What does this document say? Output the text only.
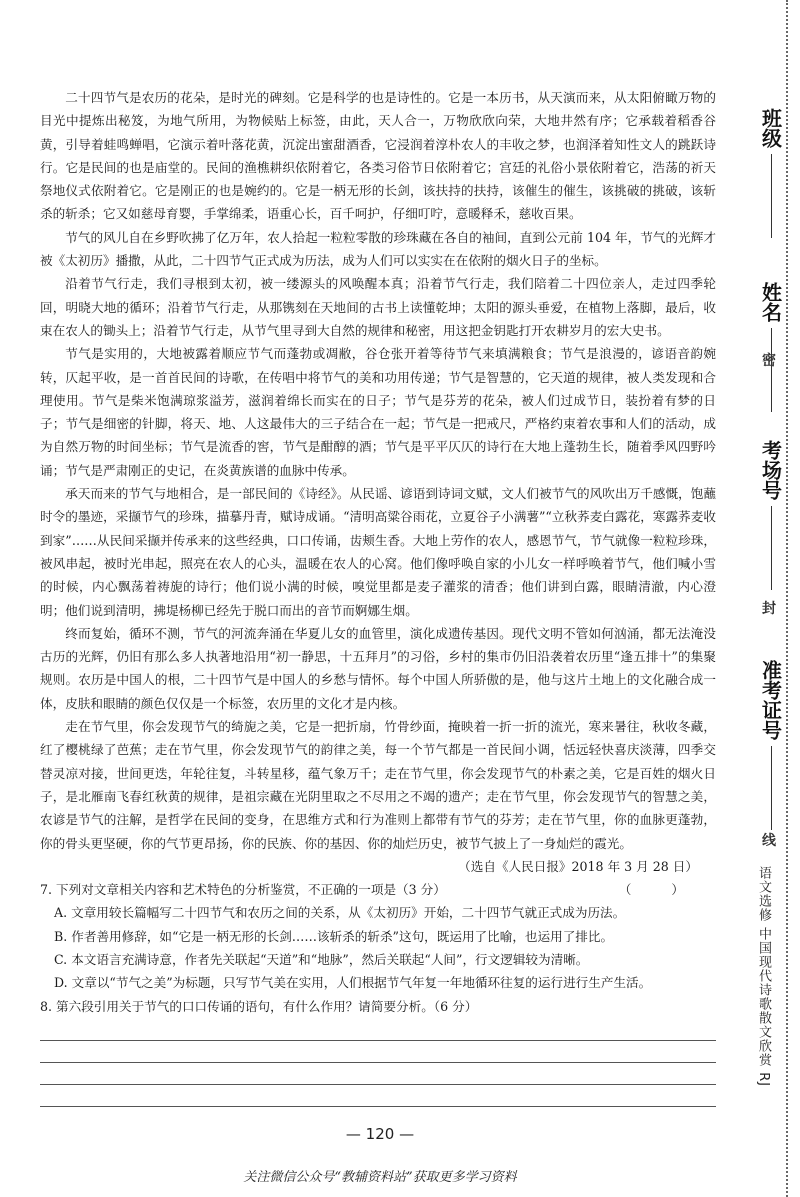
二十四节气是农历的花朵，是时光的碑刻。它是科学的也是诗性的。它是一本历书，从天演而来，从太阳俯瞰万物的目光中提炼出秘笈，为地气所用，为物候贴上标签，由此，天人合一，万物欣欣向荣，大地井然有序；它承载着稻香谷黄，引导着蛙鸣蝉唱，它演示着叶落花黄，沉淀出蜜甜酒香，它浸润着淳朴农人的丰收之梦，也润泽着知性文人的跳跃诗行。它是民间的也是庙堂的。民间的渔樵耕织依附着它，各类习俗节日依附着它；宫廷的礼俗小景依附着它，浩荡的祈天祭地仪式依附着它。它是刚正的也是婉约的。它是一柄无形的长剑，该扶持的扶持，该催生的催生，该挑破的挑破，该斩杀的斩杀；它又如慈母育婴，手掌绵柔，语重心长，百千呵护，仔细叮咛，意暖释禾，慈收百果。

节气的风儿自在乡野吹拂了亿万年，农人拾起一粒粒零散的珍珠藏在各自的袖间，直到公元前 104 年，节气的光辉才被《太初历》播撒，从此，二十四节气正式成为历法，成为人们可以实实在在依附的烟火日子的坐标。

沿着节气行走，我们寻根到太初，被一缕源头的风唤醒本真；沿着节气行走，我们陪着二十四位亲人，走过四季轮回，明晓大地的循环；沿着节气行走，从那镌刻在天地间的古书上读懂乾坤；太阳的源头垂爱，在植物上落脚，最后，收束在农人的锄头上；沿着节气行走，从节气里寻到大自然的规律和秘密，用这把金钥匙打开农耕岁月的宏大史书。

节气是实用的，大地被露着顺应节气而蓬勃或凋敝，谷仓张开着等待节气来填满粮食；节气是浪漫的，谚语音韵婉转，仄起平收，是一首首民间的诗歌，在传唱中将节气的美和功用传递；节气是智慧的，它天道的规律，被人类发现和合理使用。节气是柴米饱满琼浆溢芳，滋润着绵长而实在的日子；节气是芬芳的花朵，被人们过成节日，装扮着有梦的日子；节气是细密的针脚，将天、地、人这最伟大的三子结合在一起；节气是一把戒尺，严格约束着农事和人们的活动，成为自然万物的时间坐标；节气是流香的窖，节气是酣醇的酒；节气是平平仄仄的诗行在大地上蓬勃生长，随着季风四野吟诵；节气是严肃刚正的史记，在炎黄族谱的血脉中传承。

承天而来的节气与地相合，是一部民间的《诗经》。从民谣、谚语到诗词文赋，文人们被节气的风吹出万千感慨，饱蘸时令的墨迹，采撷节气的珍珠，描摹丹青，赋诗成诵。“清明高粱谷雨花，立夏谷子小满薯”“立秋荞麦白露花，寒露荞麦收到家”……从民间采撷并传承来的这些经典，口口传诵，齿颊生香。大地上劳作的农人，感恩节气，节气就像一粒粒珍珠，被风串起，被时光串起，照亮在农人的心头，温暖在农人的心窝。他们像呼唤自家的小儿女一样呼唤着节气，他们喊小雪的时候，内心飘荡着祷旎的诗行；他们说小满的时候，嗅觉里都是麦子灌浆的清香；他们讲到白露，眼睛清澈，内心澄明；他们说到清明，拂堤杨柳已经先于脱口而出的音节而婀娜生烟。

终而复始，循环不测，节气的河流奔涌在华夏儿女的血管里，演化成遗传基因。现代文明不管如何汹涌，都无法淹没古历的光辉，仍旧有那么多人执著地沿用“初一静思，十五拜月”的习俗，乡村的集市仍旧沿袭着农历里“逢五排十”的集聚规则。农历是中国人的根，二十四节气是中国人的乡愁与情怀。每个中国人所骄傲的是，他与这片土地上的文化融合成一体，皮肤和眼睛的颜色仅仅是一个标签，农历里的文化才是内核。

走在节气里，你会发现节气的绮旎之美，它是一把折扇，竹骨纱面，掩映着一折一折的流光，寒来暑往，秋收冬藏，红了樱桃绿了芭蕉；走在节气里，你会发现节气的韵律之美，每一个节气都是一首民间小调，恬远轻快喜庆淡薄，四季交替灵凉对接，世间更迭，年轮往复，斗转星移，蕴气象万千；走在节气里，你会发现节气的朴素之美，它是百姓的烟火日子，是北雁南飞春红秋黄的规律，是祖宗藏在光阴里取之不尽用之不竭的遗产；走在节气里，你会发现节气的智慧之美，农谚是节气的注解，是哲学在民间的变身，在思维方式和行为准则上都带有节气的芬芳；走在节气里，你的血脉更蓬勃，你的骨头更坚硬，你的气节更昂扬，你的民族、你的基因、你的灿烂历史，被节气披上了一身灿烂的霞光。

（选自《人民日报》2018 年 3 月 28 日）

7. 下列对文章相关内容和艺术特色的分析鉴赏，不正确的一项是（3 分）	（ ）

A. 文章用较长篇幅写二十四节气和农历之间的关系，从《太初历》开始，二十四节气就正式成为历法。

B. 作者善用修辞，如“它是一柄无形的长剑……该斩杀的斩杀”这句，既运用了比喻，也运用了排比。

C. 本文语言充满诗意，作者先关联起“天道”和“地脉”，然后关联起“人间”，行文逻辑较为清晰。

D. 文章以“节气之美”为标题，只写节气美在实用，人们根据节气年复一年地循环往复的运行进行生产生活。

8. 第六段引用关于节气的口口传诵的语句，有什么作用？请简要分析。（6 分）
— 120 —
关注微信公众号“教辅资料站”获取更多学习资料
班级
姓名
考场号
准考证号
密
封
线
语文选修 中国现代诗歌散文欣赏 RJ
